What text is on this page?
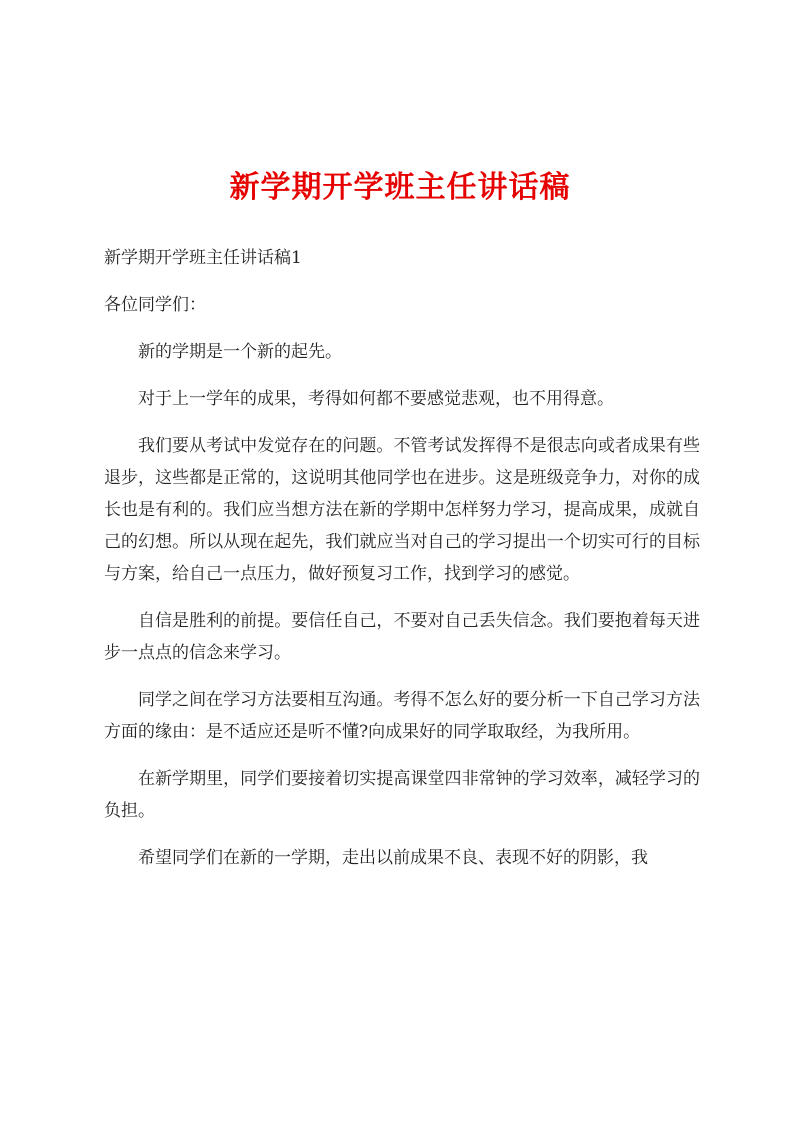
新学期开学班主任讲话稿

新学期开学班主任讲话稿1

各位同学们：

新的学期是一个新的起先。

对于上一学年的成果，考得如何都不要感觉悲观，也不用得意。

我们要从考试中发觉存在的问题。不管考试发挥得不是很志向或者成果有些退步，这些都是正常的，这说明其他同学也在进步。这是班级竞争力，对你的成长也是有利的。我们应当想方法在新的学期中怎样努力学习，提高成果，成就自己的幻想。所以从现在起先，我们就应当对自己的学习提出一个切实可行的目标与方案，给自己一点压力，做好预复习工作，找到学习的感觉。

自信是胜利的前提。要信任自己，不要对自己丢失信念。我们要抱着每天进步一点点的信念来学习。

同学之间在学习方法要相互沟通。考得不怎么好的要分析一下自己学习方法方面的缘由：是不适应还是听不懂?向成果好的同学取取经，为我所用。

在新学期里，同学们要接着切实提高课堂四非常钟的学习效率，减轻学习的负担。

希望同学们在新的一学期，走出以前成果不良、表现不好的阴影，我
